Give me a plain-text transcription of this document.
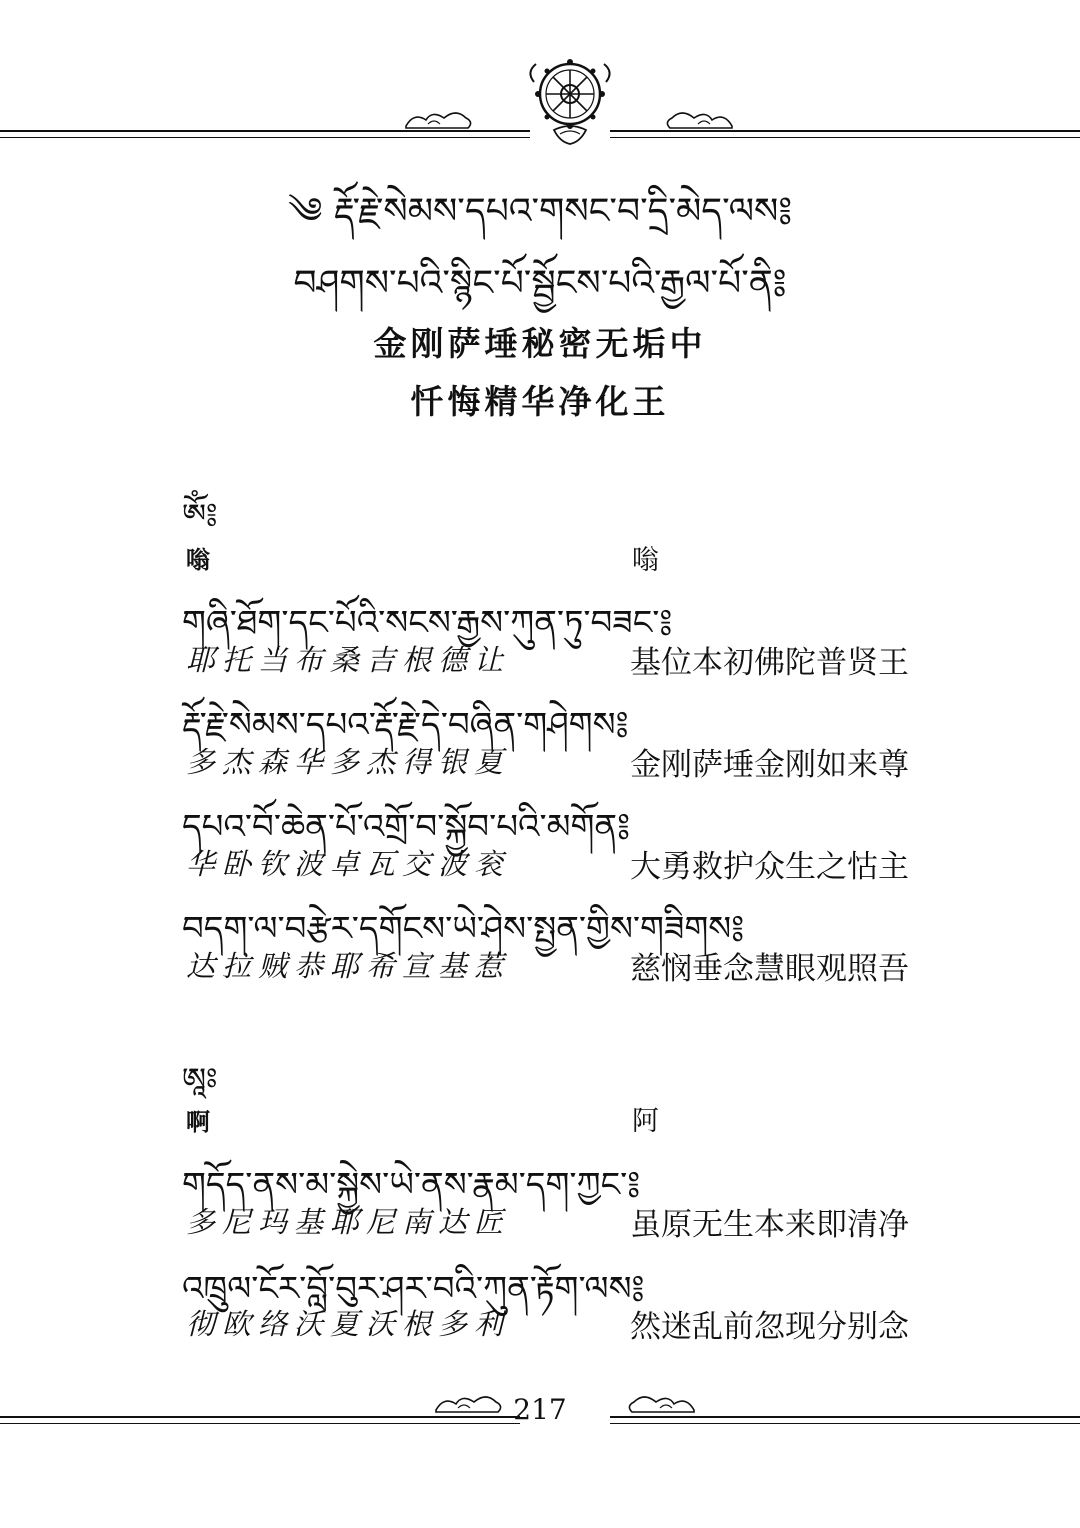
༄ རྡོ་རྗེ་སེམས་དཔའ་གསང་བ་དྲི་མེད་ལས༔
བཤགས་པའི་སྙིང་པོ་སྦྱོངས་པའི་རྒྱལ་པོ་ནི༔
金刚萨埵秘密无垢中
忏悔精华净化王
ཨོཾ༔
嗡	嗡
གཞི་ཐོག་དང་པོའི་སངས་རྒྱས་ཀུན་ཏུ་བཟང་༔
耶托当布桑吉根德让	基位本初佛陀普贤王
རྡོ་རྗེ་སེམས་དཔའ་རྡོ་རྗེ་དེ་བཞིན་གཤེགས༔
多杰森华多杰得银夏	金刚萨埵金刚如来尊
དཔའ་བོ་ཆེན་པོ་འགྲོ་བ་སྐྱོབ་པའི་མགོན༔
华卧钦波卓瓦交波衮	大勇救护众生之怙主
བདག་ལ་བརྩེར་དགོངས་ཡེ་ཤེས་སྤྱན་གྱིས་གཟིགས༔
达拉贼恭耶希宣基惹	慈悯垂念慧眼观照吾
ཨཱཿ
啊	阿
གདོད་ནས་མ་སྐྱེས་ཡེ་ནས་རྣམ་དག་ཀྱང་༔
多尼玛基耶尼南达匠	虽原无生本来即清净
འཁྲུལ་ངོར་བློ་བུར་ཤར་བའི་ཀུན་རྟོག་ལས༔
彻欧络沃夏沃根多利	然迷乱前忽现分别念
217
